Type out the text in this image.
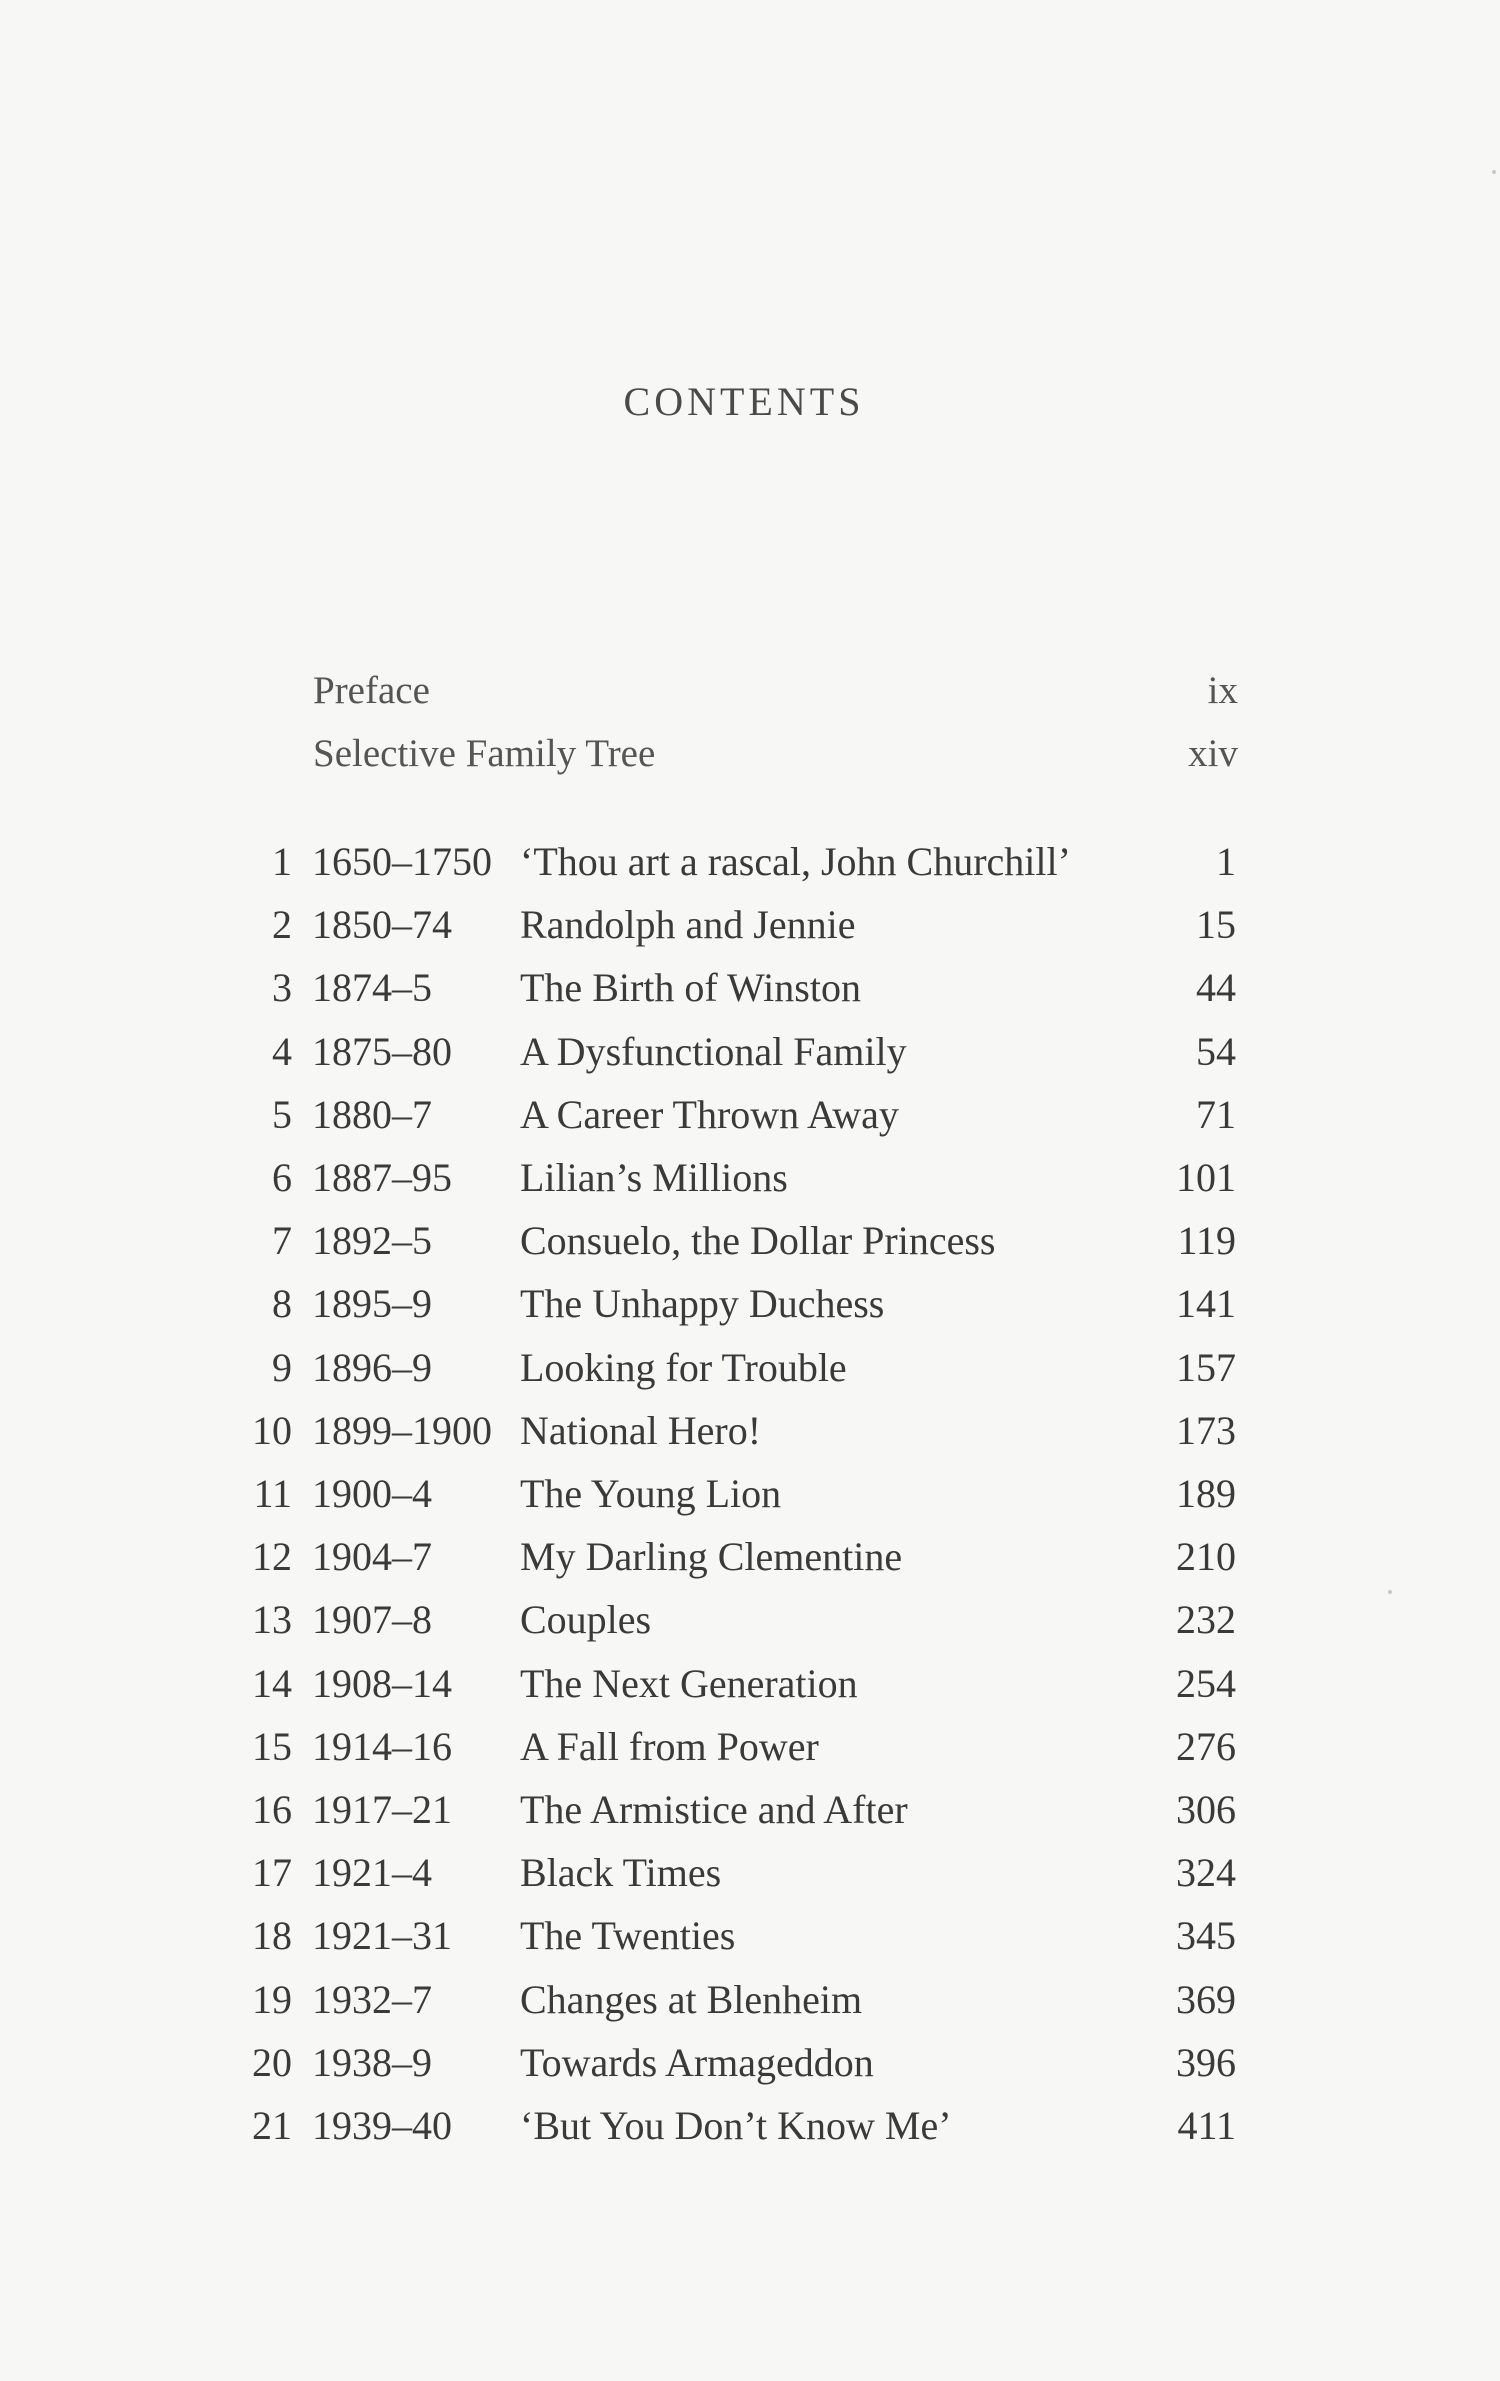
CONTENTS
Preface	ix
Selective Family Tree	xiv
1 1650–1750 ‘Thou art a rascal, John Churchill’	1
2 1850–74 Randolph and Jennie	15
3 1874–5 The Birth of Winston	44
4 1875–80 A Dysfunctional Family	54
5 1880–7 A Career Thrown Away	71
6 1887–95 Lilian’s Millions	101
7 1892–5 Consuelo, the Dollar Princess	119
8 1895–9 The Unhappy Duchess	141
9 1896–9 Looking for Trouble	157
10 1899–1900 National Hero!	173
11 1900–4 The Young Lion	189
12 1904–7 My Darling Clementine	210
13 1907–8 Couples	232
14 1908–14 The Next Generation	254
15 1914–16 A Fall from Power	276
16 1917–21 The Armistice and After	306
17 1921–4 Black Times	324
18 1921–31 The Twenties	345
19 1932–7 Changes at Blenheim	369
20 1938–9 Towards Armageddon	396
21 1939–40 ‘But You Don’t Know Me’	411
